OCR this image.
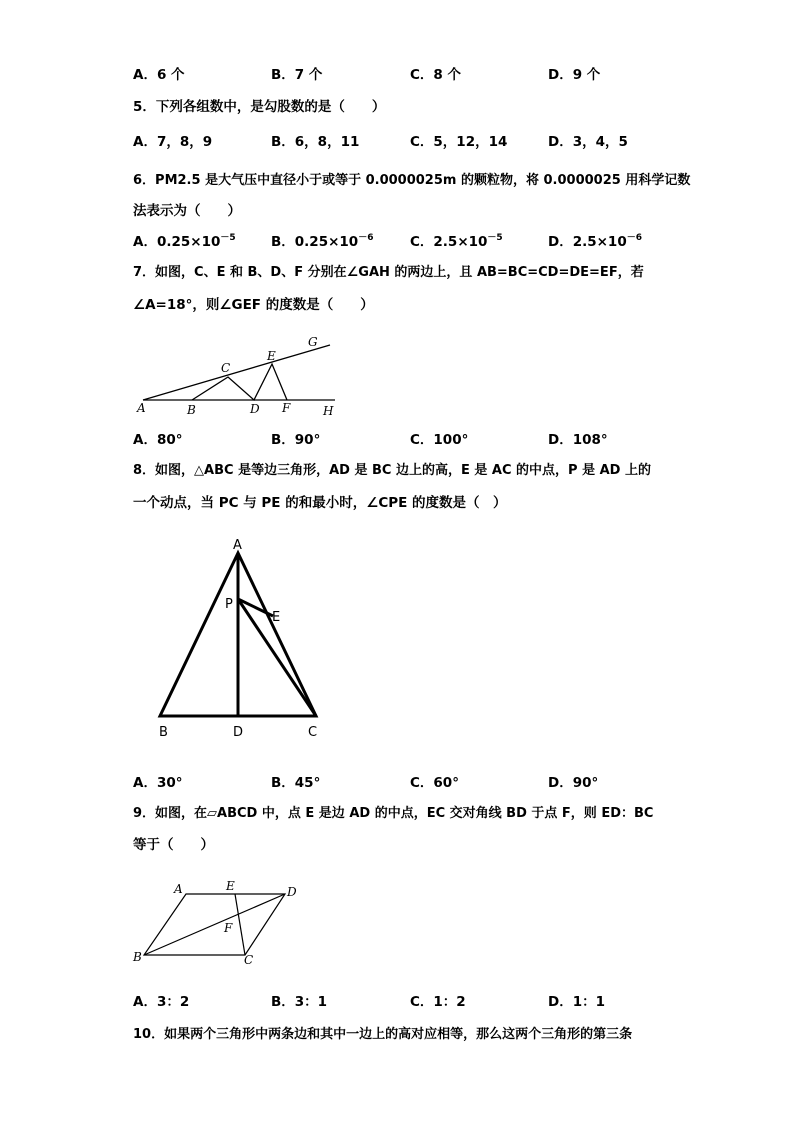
A．6 个	B．7 个	C．8 个	D．9 个
5．下列各组数中，是勾股数的是（　　）
A．7，8，9	B．6，8，11	C．5，12，14	D．3，4，5
6．PM2.5 是大气压中直径小于或等于 0.0000025m 的颗粒物，将 0.0000025 用科学记数
法表示为（　　）
A．$0.25\times 10^{-5}$	B．$0.25\times 10^{-6}$	C．$2.5\times 10^{-5}$	D．$2.5\times 10^{-6}$
7．如图，C、E 和 B、D、F 分别在∠GAH 的两边上，且 AB=BC=CD=DE=EF，若
∠A=18°，则∠GEF 的度数是（　　）
A	B
C
D
E
F
G
H
A．80°	B．90°	C．100°	D．108°
8．如图，△ABC 是等边三角形，AD 是 BC 边上的高，E 是 AC 的中点，P 是 AD 上的
一个动点，当 PC 与 PE 的和最小时，∠CPE 的度数是（　）
A
P
E
B	D	C
A．30°	B．45°	C．60°	D．90°
9．如图，在▱ABCD 中，点 E 是边 AD 的中点，EC 交对角线 BD 于点 F，则 ED：BC
等于（　　）
A	E	D
F
B	C
A．3：2	B．3：1	C．1：2	D．1：1
10．如果两个三角形中两条边和其中一边上的高对应相等，那么这两个三角形的第三条
